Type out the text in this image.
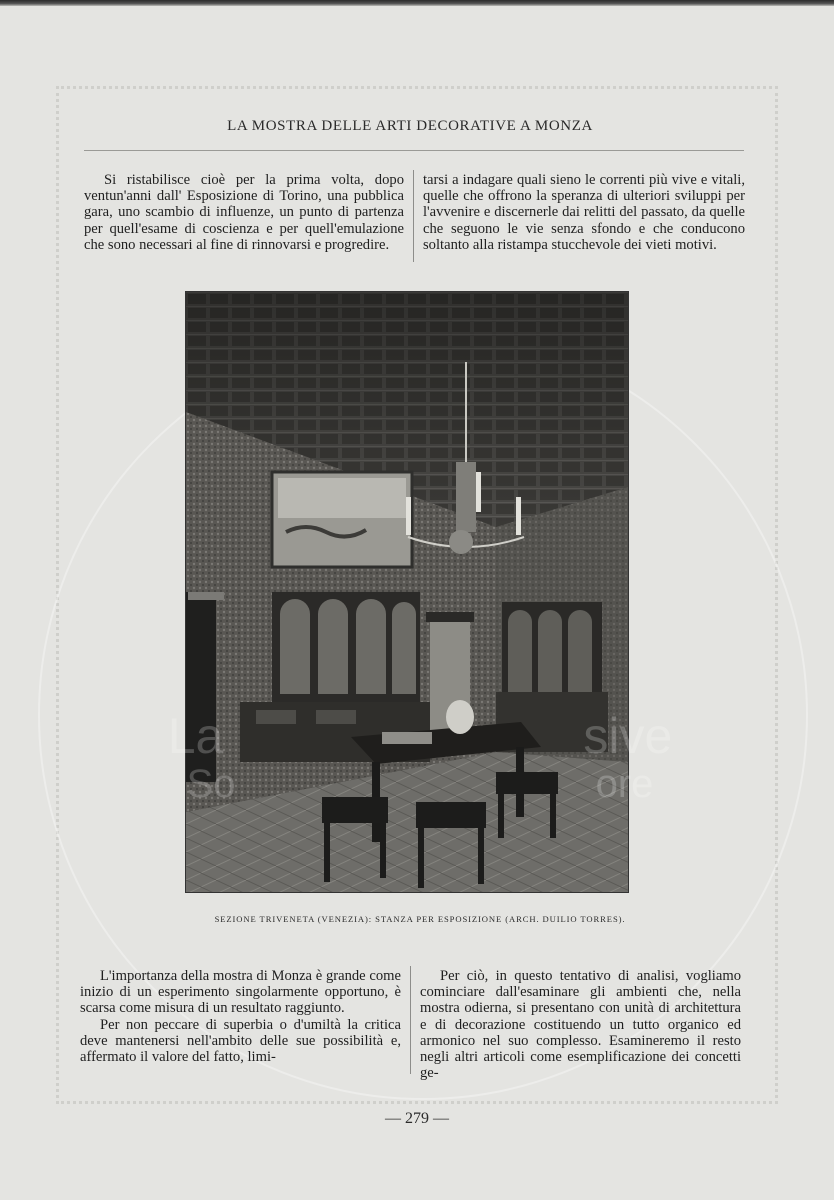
LA MOSTRA DELLE ARTI DECORATIVE A MONZA

Si ristabilisce cioè per la prima volta, dopo ventun'anni dall' Esposizione di Torino, una pubblica gara, uno scambio di influenze, un punto di partenza per quell'esame di coscienza e per quell'emulazione che sono necessari al fine di rinnovarsi e progredire.

tarsi a indagare quali sieno le correnti più vive e vitali, quelle che offrono la speranza di ulteriori sviluppi per l'avvenire e discernerle dai relitti del passato, da quelle che seguono le vie senza sfondo e che conducono soltanto alla ristampa stucchevole dei vieti motivi.

SEZIONE TRIVENETA (VENEZIA): STANZA PER ESPOSIZIONE (ARCH. DUILIO TORRES).
La	sive
So	ore

L'importanza della mostra di Monza è grande come inizio di un esperimento singolarmente opportuno, è scarsa come misura di un resultato raggiunto.

Per non peccare di superbia o d'umiltà la critica deve mantenersi nell'ambito delle sue possibilità e, affermato il valore del fatto, limi-

Per ciò, in questo tentativo di analisi, vogliamo cominciare dall'esaminare gli ambienti che, nella mostra odierna, si presentano con unità di architettura e di decorazione costituendo un tutto organico ed armonico nel suo complesso. Esamineremo il resto negli altri articoli come esemplificazione dei concetti ge-

— 279 —
